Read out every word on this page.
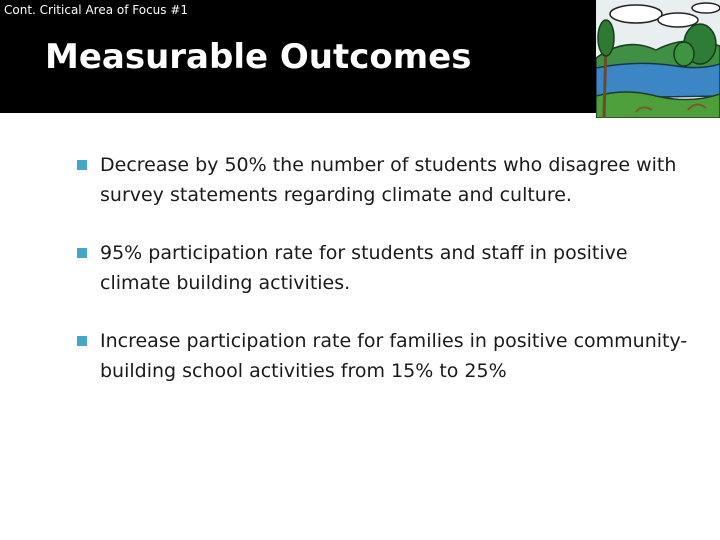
Cont. Critical Area of Focus #1
Measurable Outcomes
Decrease by 50% the number of students who disagree with survey statements regarding climate and culture.
95% participation rate for students and staff in positive climate building activities.
Increase participation rate for families in positive community-building school activities from 15% to 25%
